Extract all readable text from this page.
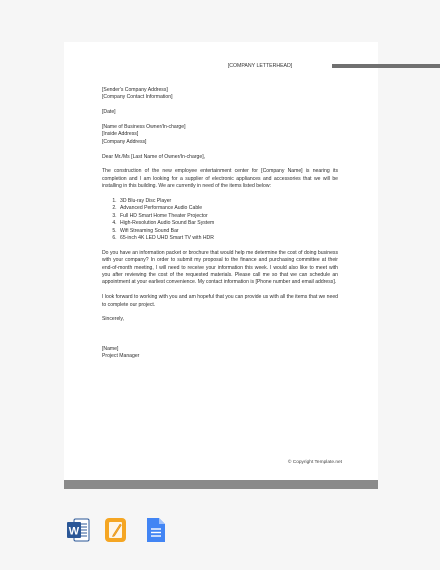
[COMPANY LETTERHEAD]

[Sender's Company Address]

[Company Contact Information]

[Date]

[Name of Business Owner/In-charge]

[Inside Address]

[Company Address]

Dear Mr./Ms [Last Name of Owner/In-charge],

The construction of the new employee entertainment center for [Company Name] is nearing its completion and I am looking for a supplier of electronic appliances and accessories that we will be installing in this building. We are currently in need of the items listed below:

1. 3D Blu-ray Disc Player
2. Advanced Performance Audio Cable
3. Full HD Smart Home Theater Projector
4. High-Resolution Audio Sound Bar System
5. Wifi Streaming Sound Bar
6. 65-inch 4K LED UHD Smart TV with HDR

Do you have an information packet or brochure that would help me determine the cost of doing business with your company? In order to submit my proposal to the finance and purchasing committee at their end-of-month meeting, I will need to receive your information this week. I would also like to meet with you after reviewing the cost of the requested materials. Please call me so that we can schedule an appointment at your earliest convenience. My contact information is [Phone number and email address].

I look forward to working with you and am hopeful that you can provide us with all the items that we need to complete our project.

Sincerely,

[Name]

Project Manager

© Copyright Template.net
W
